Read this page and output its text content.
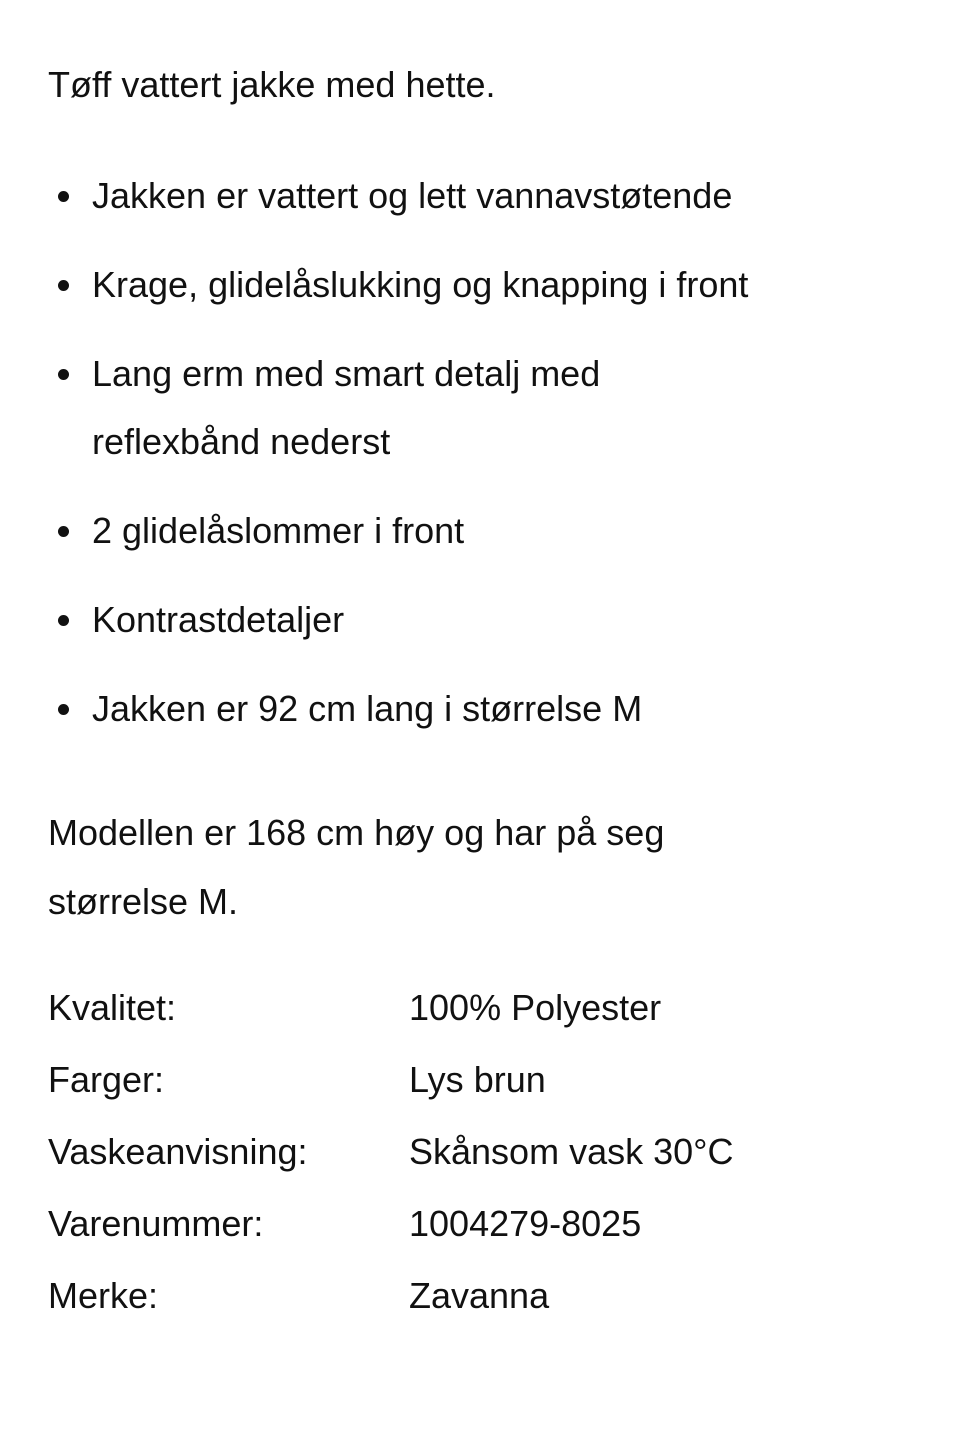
Tøff vattert jakke med hette.

Jakken er vattert og lett vannavstøtende
Krage, glidelåslukking og knapping i front
Lang erm med smart detalj med reflexbånd nederst
2 glidelåslommer i front
Kontrastdetaljer
Jakken er 92 cm lang i størrelse M

Modellen er 168 cm høy og har på seg størrelse M.

Kvalitet:	100% Polyester
Farger:	Lys brun
Vaskeanvisning:	Skånsom vask 30°C
Varenummer:	1004279-8025
Merke:	Zavanna
